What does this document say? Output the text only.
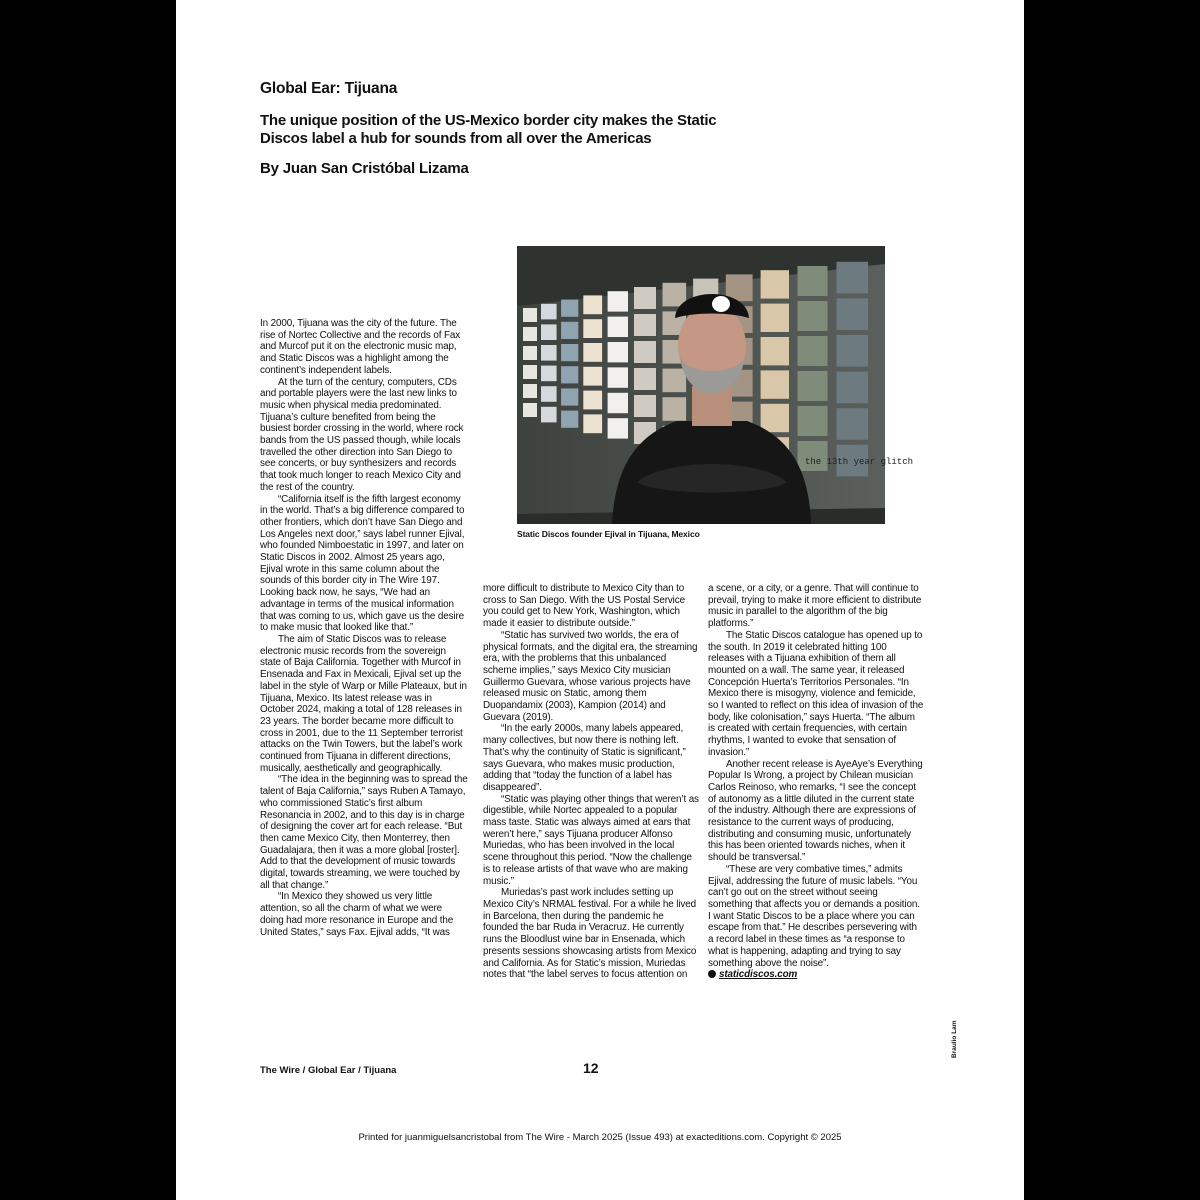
Global Ear: Tijuana
The unique position of the US-Mexico border city makes the Static Discos label a hub for sounds from all over the Americas
By Juan San Cristóbal Lizama
the 13th year glitch
Static Discos founder Ejival in Tijuana, Mexico

In 2000, Tijuana was the city of the future. The rise of Nortec Collective and the records of Fax and Murcof put it on the electronic music map, and Static Discos was a highlight among the continent’s independent labels.

At the turn of the century, computers, CDs and portable players were the last new links to music when physical media predominated. Tijuana’s culture benefited from being the busiest border crossing in the world, where rock bands from the US passed though, while locals travelled the other direction into San Diego to see concerts, or buy synthesizers and records that took much longer to reach Mexico City and the rest of the country.

“California itself is the fifth largest economy in the world. That’s a big difference compared to other frontiers, which don’t have San Diego and Los Angeles next door,” says label runner Ejival, who founded Nimboestatic in 1997, and later on Static Discos in 2002. Almost 25 years ago, Ejival wrote in this same column about the sounds of this border city in The Wire 197. Looking back now, he says, “We had an advantage in terms of the musical information that was coming to us, which gave us the desire to make music that looked like that.”

The aim of Static Discos was to release electronic music records from the sovereign state of Baja California. Together with Murcof in Ensenada and Fax in Mexicali, Ejival set up the label in the style of Warp or Mille Plateaux, but in Tijuana, Mexico. Its latest release was in October 2024, making a total of 128 releases in 23 years. The border became more difficult to cross in 2001, due to the 11 September terrorist attacks on the Twin Towers, but the label’s work continued from Tijuana in different directions, musically, aesthetically and geographically.

“The idea in the beginning was to spread the talent of Baja California,” says Ruben A Tamayo, who commissioned Static’s first album Resonancia in 2002, and to this day is in charge of designing the cover art for each release. “But then came Mexico City, then Monterrey, then Guadalajara, then it was a more global [roster]. Add to that the development of music towards digital, towards streaming, we were touched by all that change.”

“In Mexico they showed us very little attention, so all the charm of what we were doing had more resonance in Europe and the United States,” says Fax. Ejival adds, “It was

more difficult to distribute to Mexico City than to cross to San Diego. With the US Postal Service you could get to New York, Washington, which made it easier to distribute outside.”

“Static has survived two worlds, the era of physical formats, and the digital era, the streaming era, with the problems that this unbalanced scheme implies,” says Mexico City musician Guillermo Guevara, whose various projects have released music on Static, among them Duopandamix (2003), Kampion (2014) and Guevara (2019).

“In the early 2000s, many labels appeared, many collectives, but now there is nothing left. That’s why the continuity of Static is significant,” says Guevara, who makes music production, adding that “today the function of a label has disappeared”.

“Static was playing other things that weren’t as digestible, while Nortec appealed to a popular mass taste. Static was always aimed at ears that weren’t here,” says Tijuana producer Alfonso Muriedas, who has been involved in the local scene throughout this period. “Now the challenge is to release artists of that wave who are making music.”

Muriedas’s past work includes setting up Mexico City’s NRMAL festival. For a while he lived in Barcelona, then during the pandemic he founded the bar Ruda in Veracruz. He currently runs the Bloodlust wine bar in Ensenada, which presents sessions showcasing artists from Mexico and California. As for Static’s mission, Muriedas notes that “the label serves to focus attention on

a scene, or a city, or a genre. That will continue to prevail, trying to make it more efficient to distribute music in parallel to the algorithm of the big platforms.”

The Static Discos catalogue has opened up to the south. In 2019 it celebrated hitting 100 releases with a Tijuana exhibition of them all mounted on a wall. The same year, it released Concepción Huerta’s Territorios Personales. “In Mexico there is misogyny, violence and femicide, so I wanted to reflect on this idea of invasion of the body, like colonisation,” says Huerta. “The album is created with certain frequencies, with certain rhythms, I wanted to evoke that sensation of invasion.”

Another recent release is AyeAye’s Everything Popular Is Wrong, a project by Chilean musician Carlos Reinoso, who remarks, “I see the concept of autonomy as a little diluted in the current state of the industry. Although there are expressions of resistance to the current ways of producing, distributing and consuming music, unfortunately this has been oriented towards niches, when it should be transversal.”

“These are very combative times,” admits Ejival, addressing the future of music labels. “You can’t go out on the street without seeing something that affects you or demands a position. I want Static Discos to be a place where you can escape from that.” He describes persevering with a record label in these times as “a response to what is happening, adapting and trying to say something above the noise”.

staticdiscos.com

The Wire / Global Ear / Tijuana	12
Braulio Lam
Printed for juanmiguelsancristobal from The Wire - March 2025 (Issue 493) at exacteditions.com. Copyright © 2025
